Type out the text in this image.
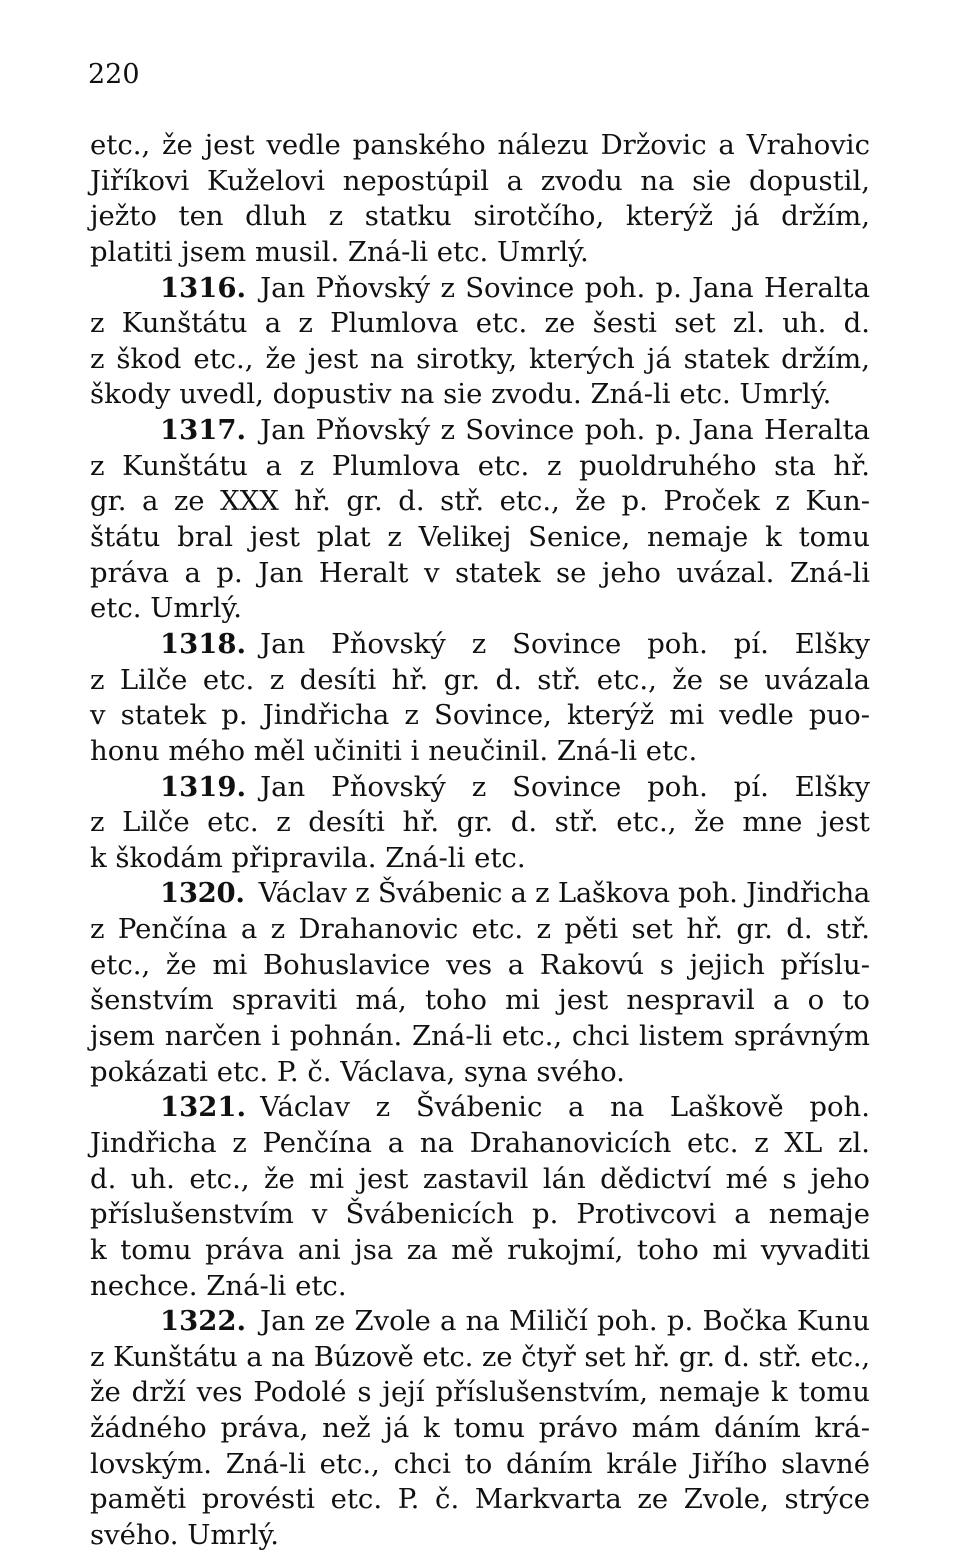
220
etc., že jest vedle panského nálezu Držovic a Vrahovic
Jiříkovi Kuželovi nepostúpil a zvodu na sie dopustil,
ježto ten dluh z statku sirotčího, kterýž já držím,
platiti jsem musil. Zná-li etc. Umrlý.
1316. Jan Pňovský z Sovince poh. p. Jana Heralta
z Kunštátu a z Plumlova etc. ze šesti set zl. uh. d.
z škod etc., že jest na sirotky, kterých já statek držím,
škody uvedl, dopustiv na sie zvodu. Zná-li etc. Umrlý.
1317. Jan Pňovský z Sovince poh. p. Jana Heralta
z Kunštátu a z Plumlova etc. z puoldruhého sta hř.
gr. a ze XXX hř. gr. d. stř. etc., že p. Proček z Kun-
štátu bral jest plat z Velikej Senice, nemaje k tomu
práva a p. Jan Heralt v statek se jeho uvázal. Zná-li
etc. Umrlý.
1318. Jan Pňovský z Sovince poh. pí. Elšky
z Lilče etc. z desíti hř. gr. d. stř. etc., že se uvázala
v statek p. Jindřicha z Sovince, kterýž mi vedle puo-
honu mého měl učiniti i neučinil. Zná-li etc.
1319. Jan Pňovský z Sovince poh. pí. Elšky
z Lilče etc. z desíti hř. gr. d. stř. etc., že mne jest
k škodám připravila. Zná-li etc.
1320. Václav z Švábenic a z Laškova poh. Jindřicha
z Penčína a z Drahanovic etc. z pěti set hř. gr. d. stř.
etc., že mi Bohuslavice ves a Rakovú s jejich příslu-
šenstvím spraviti má, toho mi jest nespravil a o to
jsem narčen i pohnán. Zná-li etc., chci listem správným
pokázati etc. P. č. Václava, syna svého.
1321. Václav z Švábenic a na Laškově poh.
Jindřicha z Penčína a na Drahanovicích etc. z XL zl.
d. uh. etc., že mi jest zastavil lán dědictví mé s jeho
příslušenstvím v Švábenicích p. Protivcovi a nemaje
k tomu práva ani jsa za mě rukojmí, toho mi vyvaditi
nechce. Zná-li etc.
1322. Jan ze Zvole a na Miličí poh. p. Bočka Kunu
z Kunštátu a na Búzově etc. ze čtyř set hř. gr. d. stř. etc.,
že drží ves Podolé s její příslušenstvím, nemaje k tomu
žádného práva, než já k tomu právo mám dáním krá-
lovským. Zná-li etc., chci to dáním krále Jiřího slavné
paměti provésti etc. P. č. Markvarta ze Zvole, strýce
svého. Umrlý.
